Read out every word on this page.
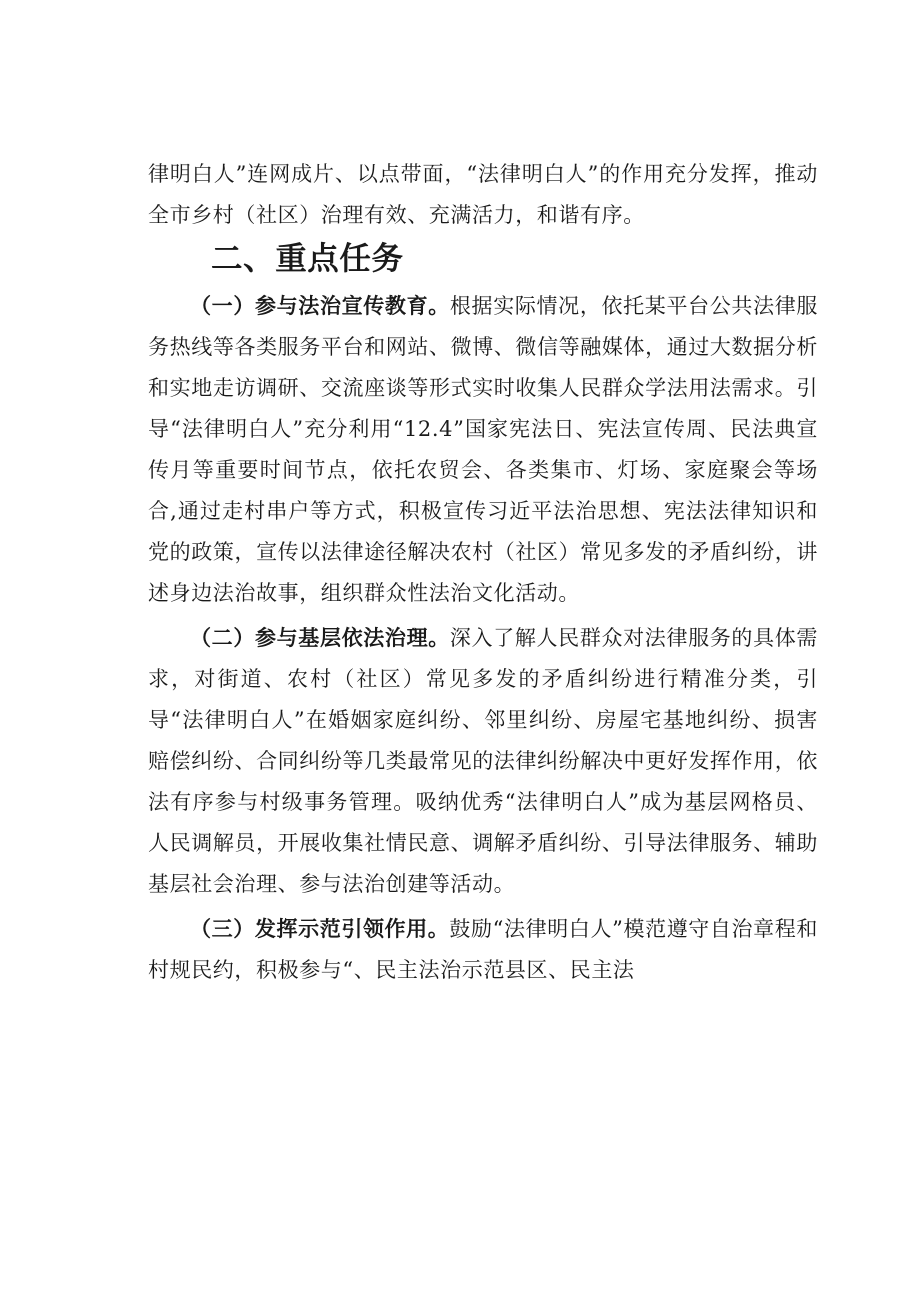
律明白人”连网成片、以点带面，“法律明白人”的作用充分发挥，推动全市乡村（社区）治理有效、充满活力，和谐有序。

二、重点任务

（一）参与法治宣传教育。根据实际情况，依托某平台公共法律服务热线等各类服务平台和网站、微博、微信等融媒体，通过大数据分析和实地走访调研、交流座谈等形式实时收集人民群众学法用法需求。引导“法律明白人”充分利用“12.4”国家宪法日、宪法宣传周、民法典宣传月等重要时间节点，依托农贸会、各类集市、灯场、家庭聚会等场合,通过走村串户等方式，积极宣传习近平法治思想、宪法法律知识和党的政策，宣传以法律途径解决农村（社区）常见多发的矛盾纠纷，讲述身边法治故事，组织群众性法治文化活动。

（二）参与基层依法治理。深入了解人民群众对法律服务的具体需求，对街道、农村（社区）常见多发的矛盾纠纷进行精准分类，引导“法律明白人”在婚姻家庭纠纷、邻里纠纷、房屋宅基地纠纷、损害赔偿纠纷、合同纠纷等几类最常见的法律纠纷解决中更好发挥作用，依法有序参与村级事务管理。吸纳优秀“法律明白人”成为基层网格员、人民调解员，开展收集社情民意、调解矛盾纠纷、引导法律服务、辅助基层社会治理、参与法治创建等活动。

（三）发挥示范引领作用。鼓励“法律明白人”模范遵守自治章程和村规民约，积极参与“、民主法治示范县区、民主法
